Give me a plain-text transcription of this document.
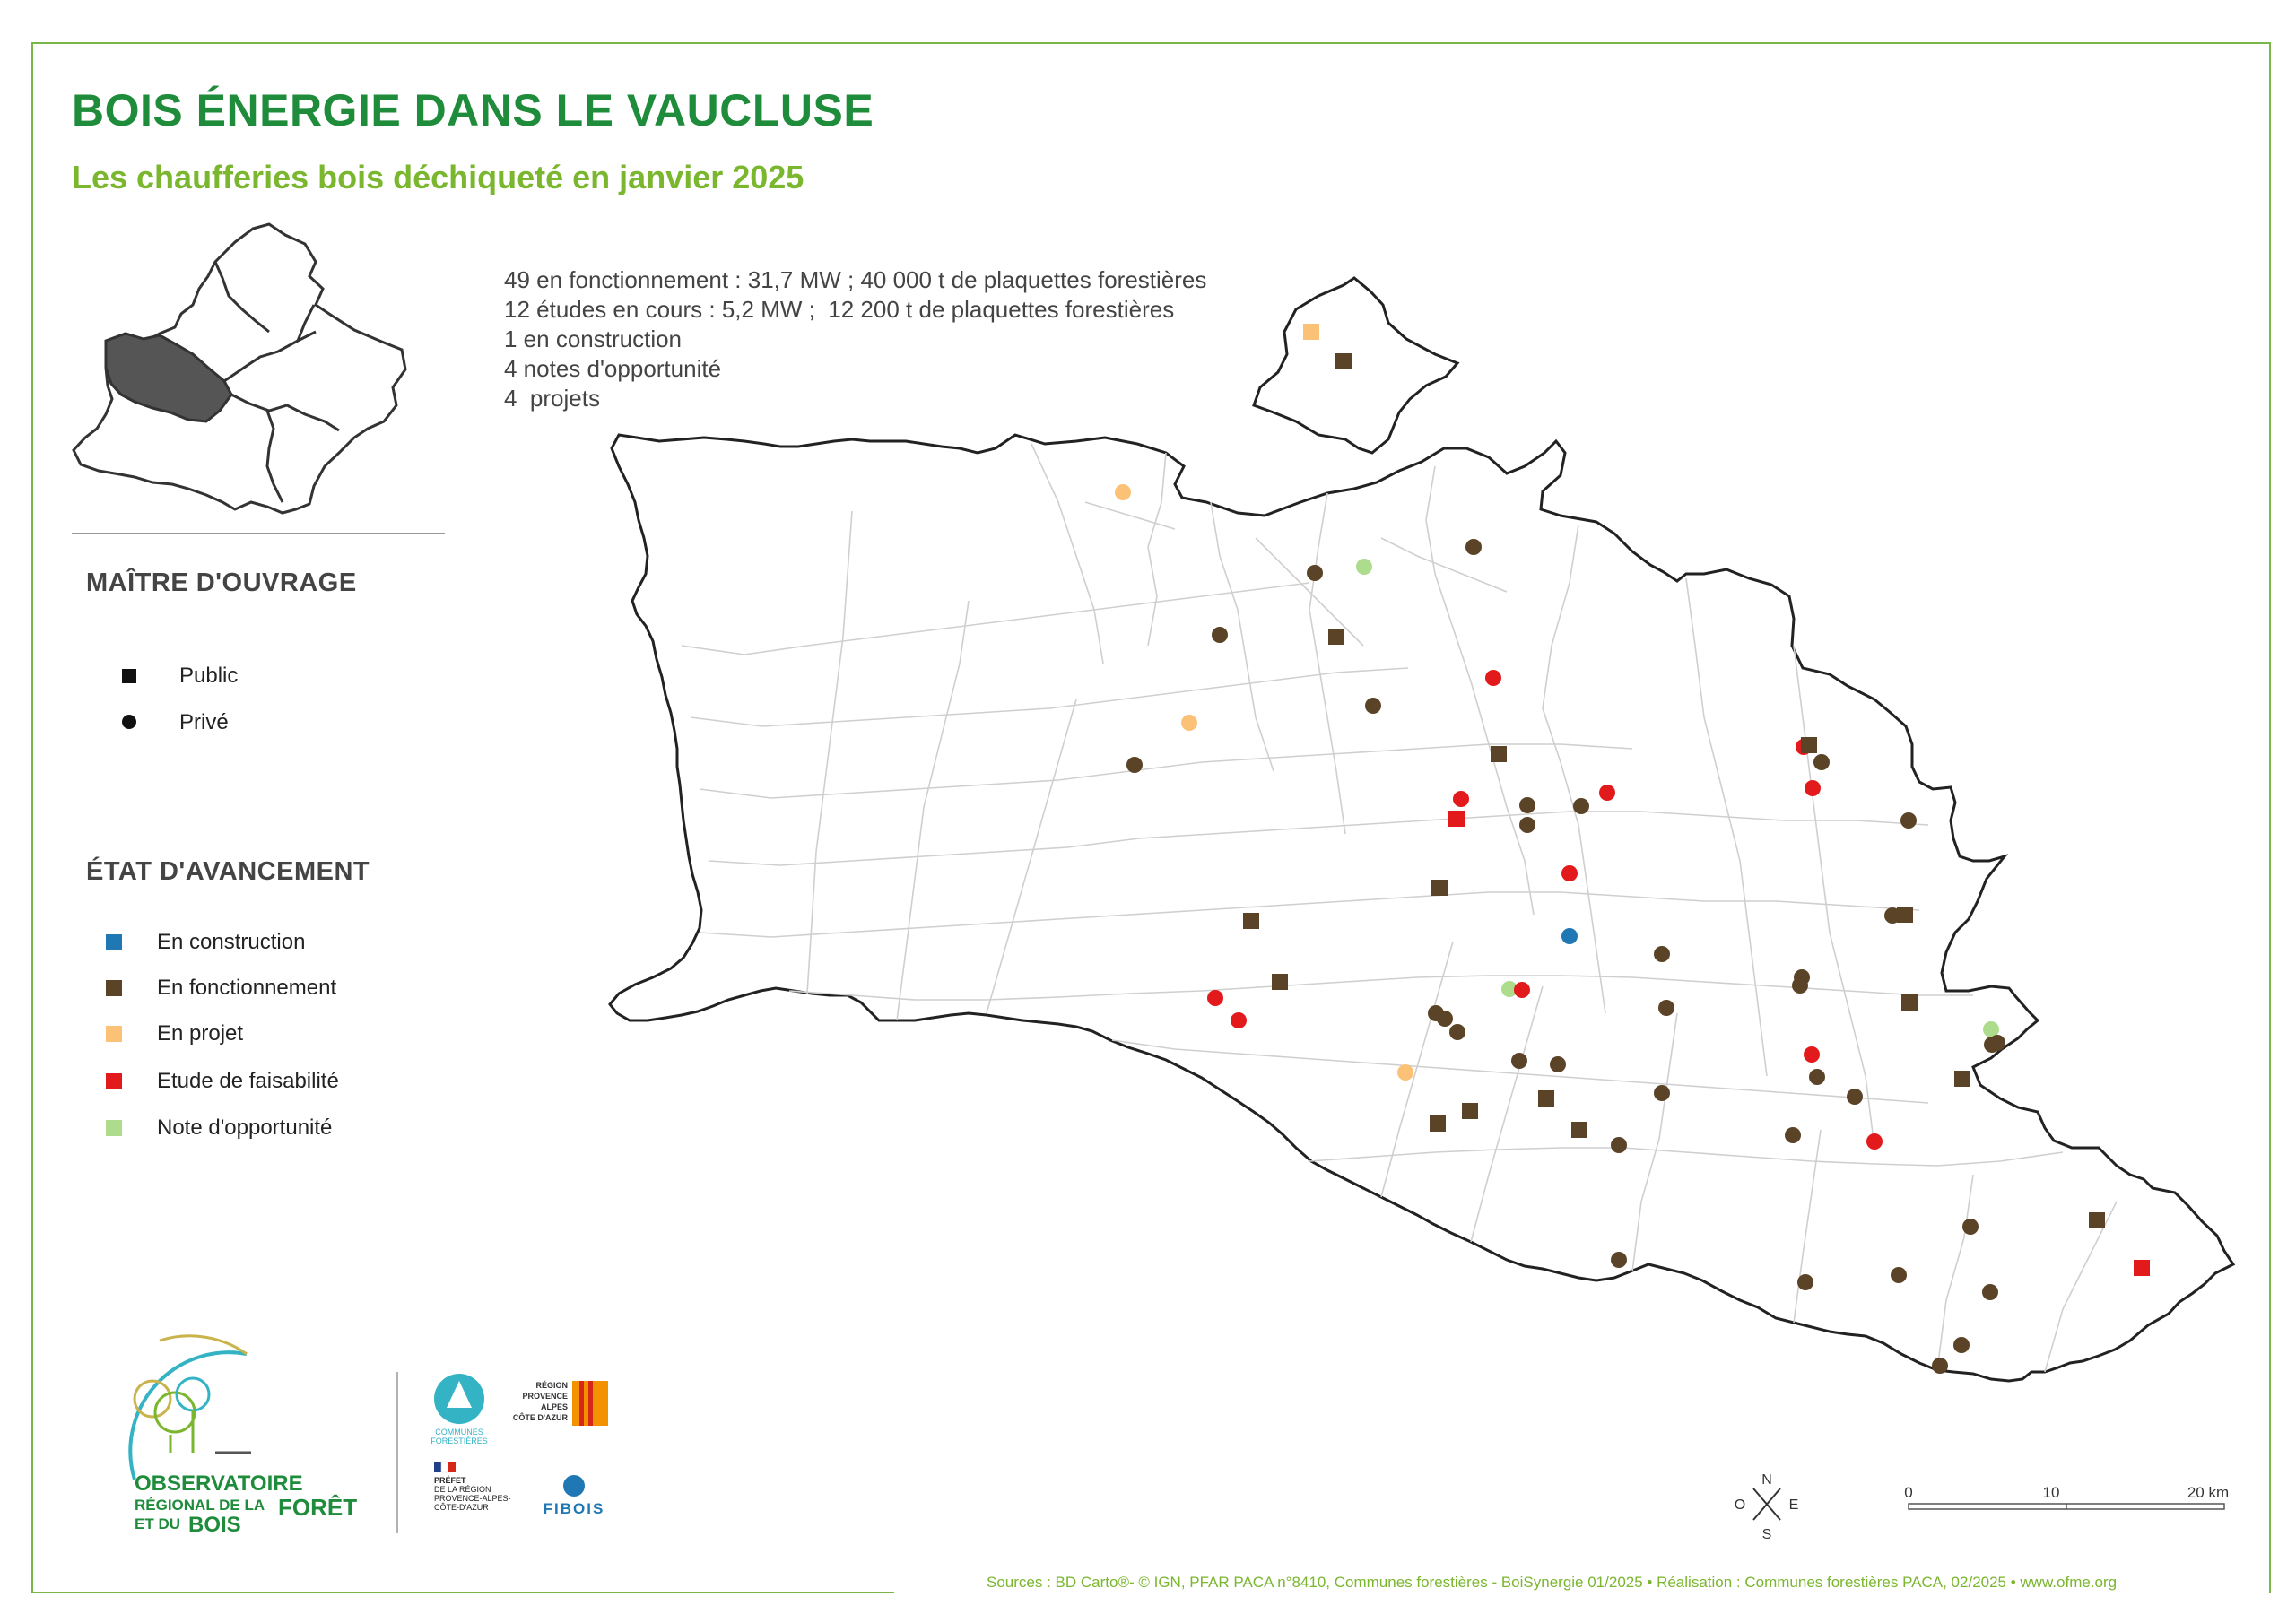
BOIS ÉNERGIE DANS LE VAUCLUSE
Les chaufferies bois déchiqueté en janvier 2025
49 en fonctionnement : 31,7 MW ; 40 000 t de plaquettes forestières
12 études en cours : 5,2 MW ;  12 200 t de plaquettes forestières
1 en construction
4 notes d'opportunité
4  projets
N
S
O	E
0	10	20 km
OBSERVATOIRE
RÉGIONAL DE LA FORÊT
ET DU BOIS
COMMUNES
FORESTIÈRES
RÉGION
PROVENCE
ALPES
CÔTE D'AZUR
PRÉFET
DE LA RÉGION
PROVENCE-ALPES-
CÔTE-D'AZUR	FIBOIS
MAÎTRE D'OUVRAGE
Public
Privé
ÉTAT D'AVANCEMENT
En construction
En fonctionnement
En projet
Etude de faisabilité
Note d'opportunité
Sources : BD Carto®- © IGN, PFAR PACA n°8410, Communes forestières - BoiSynergie 01/2025 • Réalisation : Communes forestières PACA, 02/2025 • www.ofme.org
